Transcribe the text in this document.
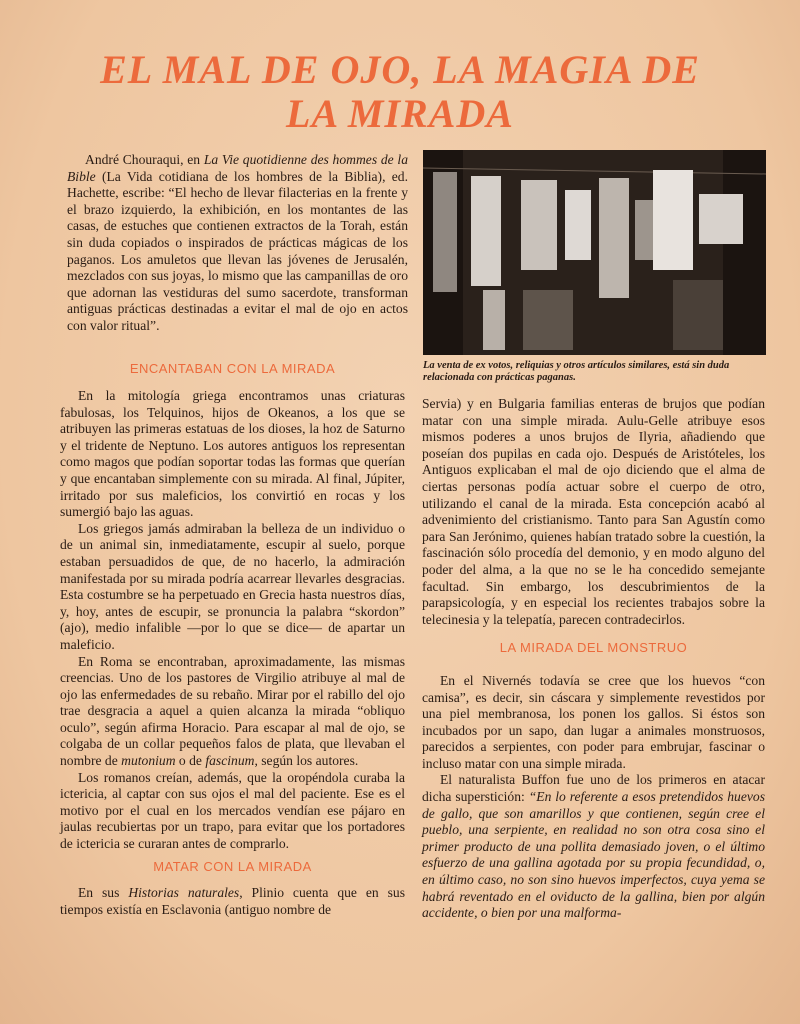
EL MAL DE OJO, LA MAGIA DE LA MIRADA

André Chouraqui, en La Vie quotidienne des hommes de la Bible (La Vida cotidiana de los hombres de la Biblia), ed. Hachette, escribe: “El hecho de llevar filacterias en la frente y el brazo izquierdo, la exhibición, en los montantes de las casas, de estuches que contienen extractos de la Torah, están sin duda copiados o inspirados de prácticas mágicas de los paganos. Los amuletos que llevan las jóvenes de Jerusalén, mezclados con sus joyas, lo mismo que las campanillas de oro que adornan las vestiduras del sumo sacerdote, transforman antiguas prácticas destinadas a evitar el mal de ojo en actos con valor ritual”.

La venta de ex votos, reliquias y otros artículos similares, está sin duda relacionada con prácticas paganas.
ENCANTABAN CON LA MIRADA

En la mitología griega encontramos unas criaturas fabulosas, los Telquinos, hijos de Okeanos, a los que se atribuyen las primeras estatuas de los dioses, la hoz de Saturno y el tridente de Neptuno. Los autores antiguos los representan como magos que podían soportar todas las formas que querían y que encantaban simplemente con su mirada. Al final, Júpiter, irritado por sus maleficios, los convirtió en rocas y los sumergió bajo las aguas.

Los griegos jamás admiraban la belleza de un individuo o de un animal sin, inmediatamente, escupir al suelo, porque estaban persuadidos de que, de no hacerlo, la admiración manifestada por su mirada podría acarrear llevarles desgracias. Esta costumbre se ha perpetuado en Grecia hasta nuestros días, y, hoy, antes de escupir, se pronuncia la palabra “skordon” (ajo), medio infalible —por lo que se dice— de apartar un maleficio.

En Roma se encontraban, aproximadamente, las mismas creencias. Uno de los pastores de Virgilio atribuye al mal de ojo las enfermedades de su rebaño. Mirar por el rabillo del ojo trae desgracia a aquel a quien alcanza la mirada “obliquo oculo”, según afirma Horacio. Para escapar al mal de ojo, se colgaba de un collar pequeños falos de plata, que llevaban el nombre de mutonium o de fascinum, según los autores.

Los romanos creían, además, que la oropéndola curaba la ictericia, al captar con sus ojos el mal del paciente. Ese es el motivo por el cual en los mercados vendían ese pájaro en jaulas recubiertas por un trapo, para evitar que los portadores de ictericia se curaran antes de comprarlo.

MATAR CON LA MIRADA

En sus Historias naturales, Plinio cuenta que en sus tiempos existía en Esclavonia (antiguo nombre de

Servia) y en Bulgaria familias enteras de brujos que podían matar con una simple mirada. Aulu-Gelle atribuye esos mismos poderes a unos brujos de Ilyria, añadiendo que poseían dos pupilas en cada ojo. Después de Aristóteles, los Antiguos explicaban el mal de ojo diciendo que el alma de ciertas personas podía actuar sobre el cuerpo de otro, utilizando el canal de la mirada. Esta concepción acabó al advenimiento del cristianismo. Tanto para San Agustín como para San Jerónimo, quienes habían tratado sobre la cuestión, la fascinación sólo procedía del demonio, y en modo alguno del poder del alma, a la que no se le ha concedido semejante facultad. Sin embargo, los descubrimientos de la parapsicología, y en especial los recientes trabajos sobre la telecinesia y la telepatía, parecen contradecirlos.

LA MIRADA DEL MONSTRUO

En el Nivernés todavía se cree que los huevos “con camisa”, es decir, sin cáscara y simplemente revestidos por una piel membranosa, los ponen los gallos. Si éstos son incubados por un sapo, dan lugar a animales monstruosos, parecidos a serpientes, con poder para embrujar, fascinar o incluso matar con una simple mirada.

El naturalista Buffon fue uno de los primeros en atacar dicha superstición: “En lo referente a esos pretendidos huevos de gallo, que son amarillos y que contienen, según cree el pueblo, una serpiente, en realidad no son otra cosa sino el primer producto de una pollita demasiado joven, o el último esfuerzo de una gallina agotada por su propia fecundidad, o, en último caso, no son sino huevos imperfectos, cuya yema se habrá reventado en el oviducto de la gallina, bien por algún accidente, o bien por una malforma-
